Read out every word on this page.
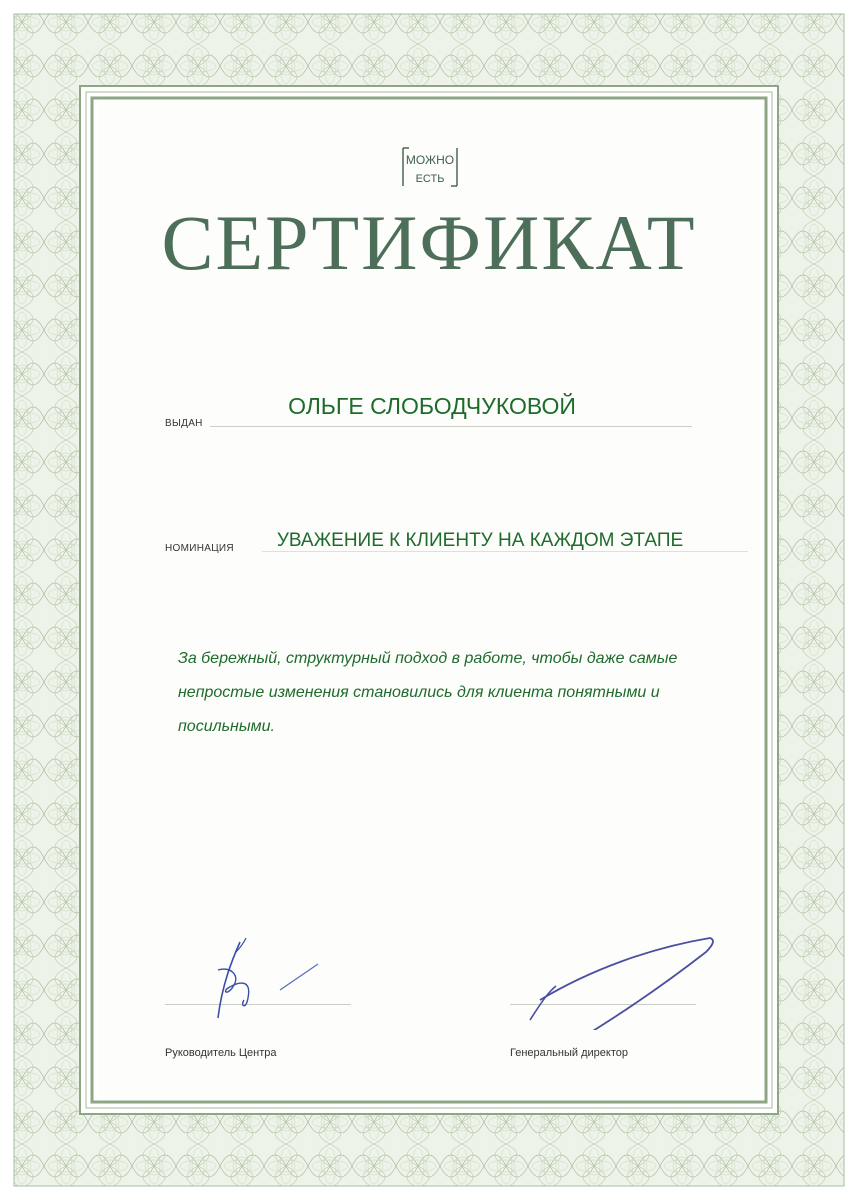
МОЖНО
ЕСТЬ
СЕРТИФИКАТ
ВЫДАН
ОЛЬГЕ СЛОБОДЧУКОВОЙ
НОМИНАЦИЯ	УВАЖЕНИЕ К КЛИЕНТУ НА КАЖДОМ ЭТАПЕ
За бережный, структурный подход в работе, чтобы даже самые
непростые изменения становились для клиента понятными и
посильными.
Руководитель Центра	Генеральный директор
